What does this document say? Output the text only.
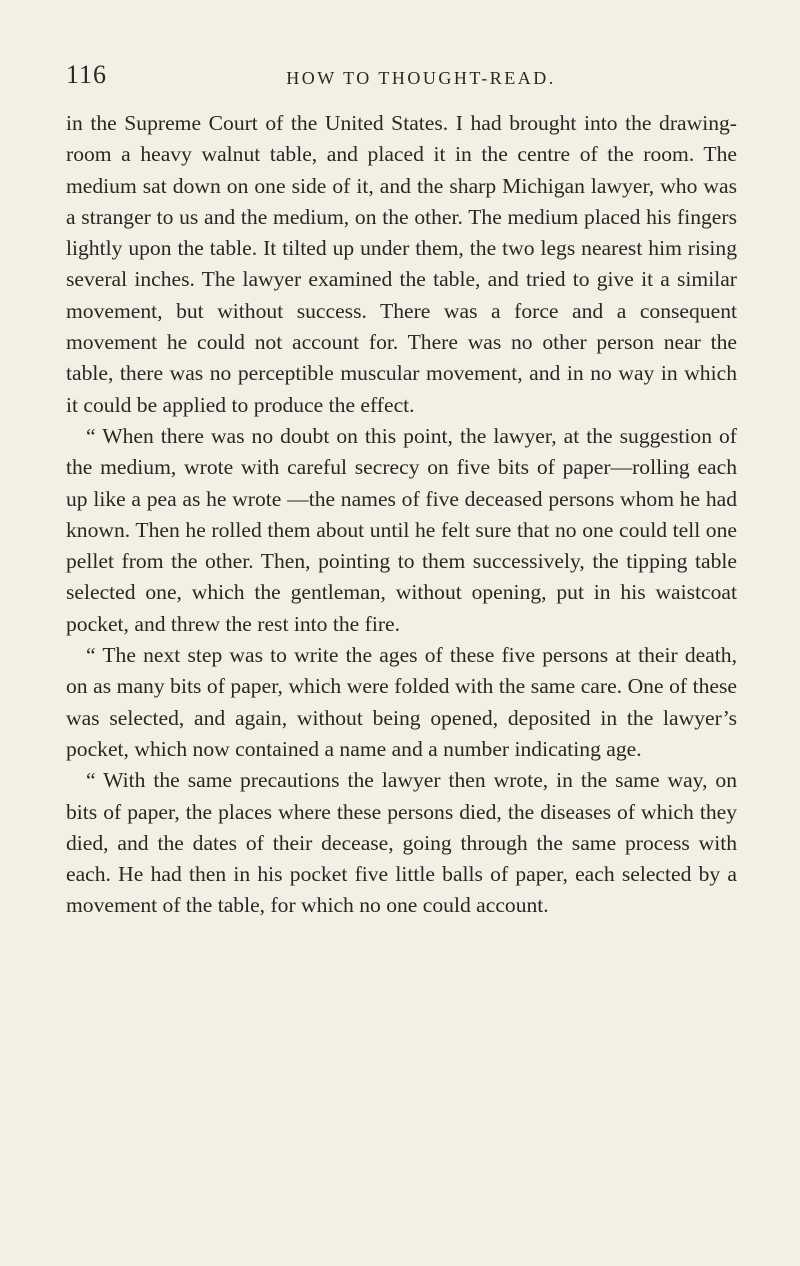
116	HOW TO THOUGHT-READ.

in the Supreme Court of the United States. I had brought into the drawing-room a heavy walnut table, and placed it in the centre of the room. The medium sat down on one side of it, and the sharp Michigan lawyer, who was a stranger to us and the medium, on the other. The medium placed his fingers lightly upon the table. It tilted up under them, the two legs nearest him rising several inches. The lawyer examined the table, and tried to give it a similar movement, but without success. There was a force and a consequent movement he could not account for. There was no other person near the table, there was no perceptible muscular movement, and in no way in which it could be applied to produce the effect.

“ When there was no doubt on this point, the lawyer, at the suggestion of the medium, wrote with careful secrecy on five bits of paper—rolling each up like a pea as he wrote —the names of five deceased persons whom he had known. Then he rolled them about until he felt sure that no one could tell one pellet from the other. Then, pointing to them successively, the tipping table selected one, which the gentleman, without opening, put in his waistcoat pocket, and threw the rest into the fire.

“ The next step was to write the ages of these five persons at their death, on as many bits of paper, which were folded with the same care. One of these was selected, and again, without being opened, deposited in the lawyer’s pocket, which now contained a name and a number indicating age.

“ With the same precautions the lawyer then wrote, in the same way, on bits of paper, the places where these persons died, the diseases of which they died, and the dates of their decease, going through the same process with each. He had then in his pocket five little balls of paper, each selected by a movement of the table, for which no one could account.
